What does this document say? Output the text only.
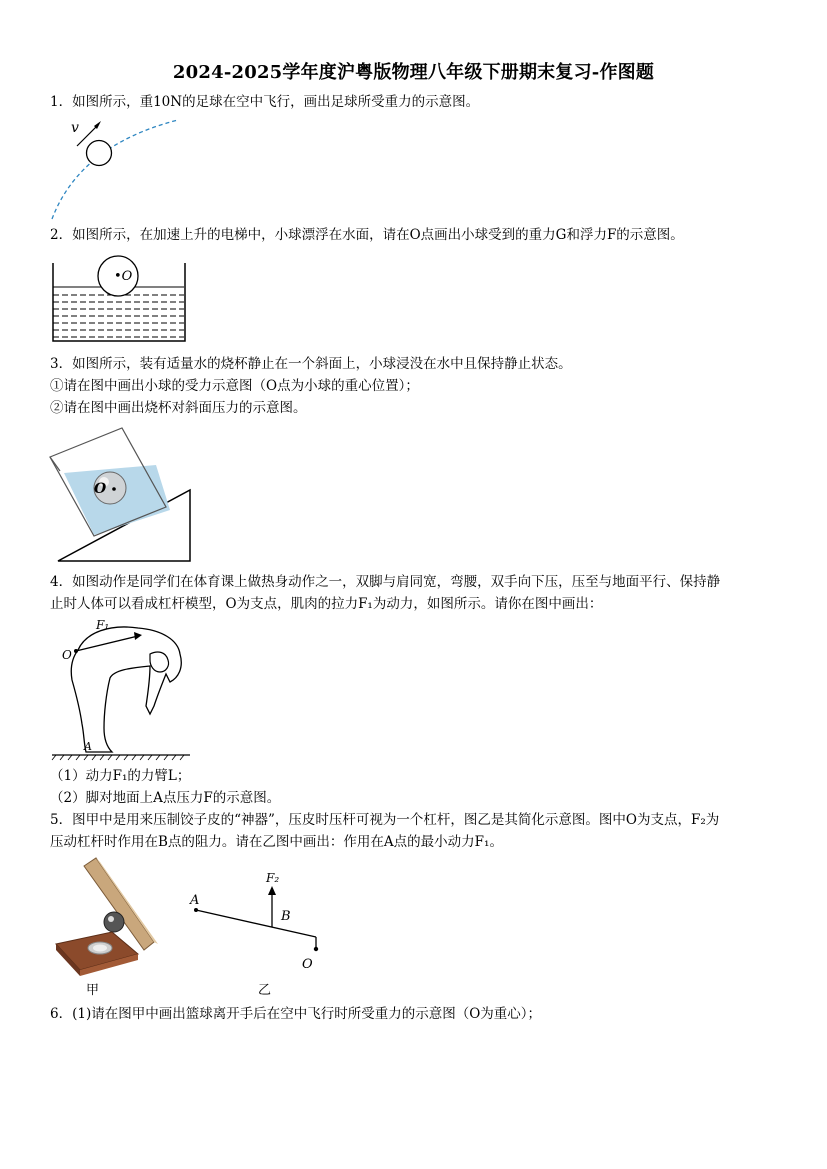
2024-2025学年度沪粤版物理八年级下册期末复习-作图题
1．如图所示，重10N的足球在空中飞行，画出足球所受重力的示意图。
v
2．如图所示，在加速上升的电梯中，小球漂浮在水面，请在O点画出小球受到的重力G和浮力F的示意图。
•O
3．如图所示，装有适量水的烧杯静止在一个斜面上，小球浸没在水中且保持静止状态。
①请在图中画出小球的受力示意图（O点为小球的重心位置）；
②请在图中画出烧杯对斜面压力的示意图。
O
4．如图动作是同学们在体育课上做热身动作之一，双脚与肩同宽，弯腰，双手向下压，压至与地面平行、保持静
止时人体可以看成杠杆模型，O为支点，肌肉的拉力F₁为动力，如图所示。请你在图中画出：
F₁
O
A
（1）动力F₁的力臂L；
（2）脚对地面上A点压力F的示意图。
5．图甲中是用来压制饺子皮的“神器”，压皮时压杆可视为一个杠杆，图乙是其简化示意图。图中O为支点，F₂为
压动杠杆时作用在B点的阻力。请在乙图中画出：作用在A点的最小动力F₁。
甲
A
B
O
F₂
乙
6．(1)请在图甲中画出篮球离开手后在空中飞行时所受重力的示意图（O为重心）；
